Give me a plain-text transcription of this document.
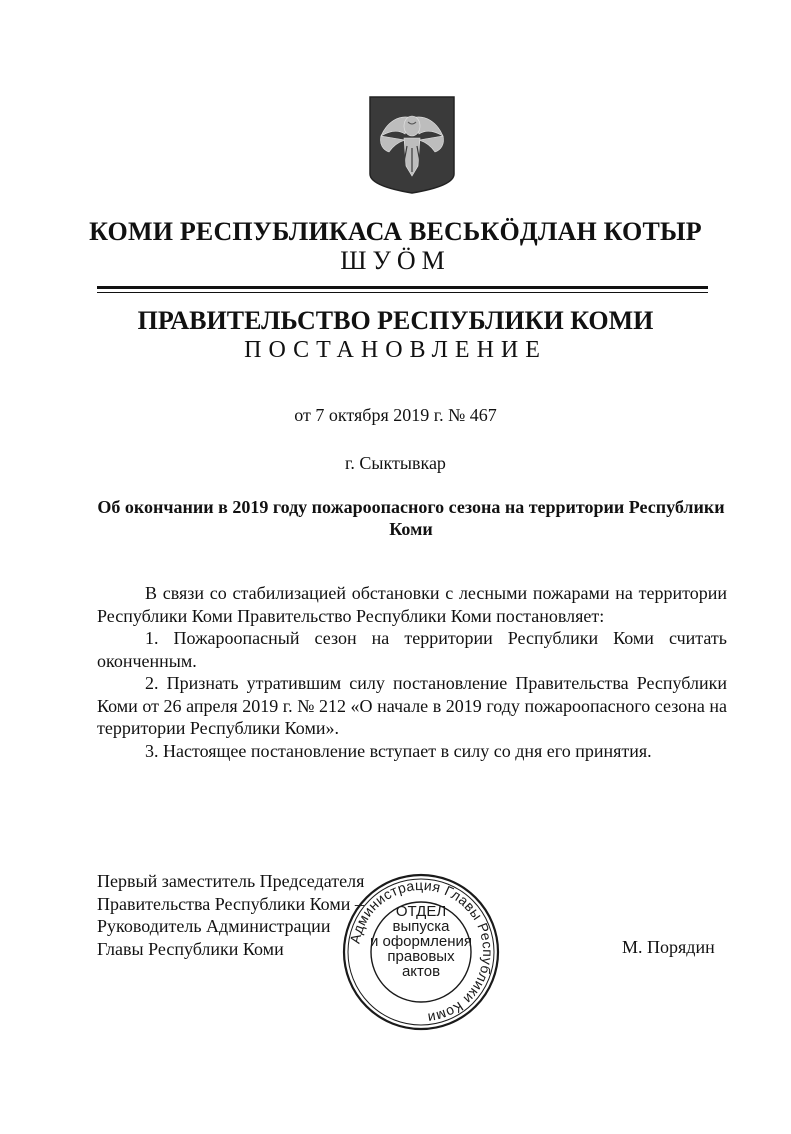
КОМИ РЕСПУБЛИКАСА ВЕСЬКÖДЛАН КОТЫР
ШУÖМ
ПРАВИТЕЛЬСТВО РЕСПУБЛИКИ КОМИ
ПОСТАНОВЛЕНИЕ
от 7 октября 2019 г. № 467
г. Сыктывкар
Об окончании в 2019 году пожароопасного сезона на территории Республики Коми

В связи со стабилизацией обстановки с лесными пожарами на территории Республики Коми Правительство Республики Коми постановляет:

1. Пожароопасный сезон на территории Республики Коми считать оконченным.

2. Признать утратившим силу постановление Правительства Республики Коми от 26 апреля 2019 г. № 212 «О начале в 2019 году пожароопасного сезона на территории Республики Коми».

3. Настоящее постановление вступает в силу со дня его принятия.

Первый заместитель Председателя
Правительства Республики Коми –
Руководитель Администрации
Главы Республики Коми
Администрация Главы Республики Коми
ОТДЕЛ
выпуска
и оформления
правовых
актов
М. Порядин
